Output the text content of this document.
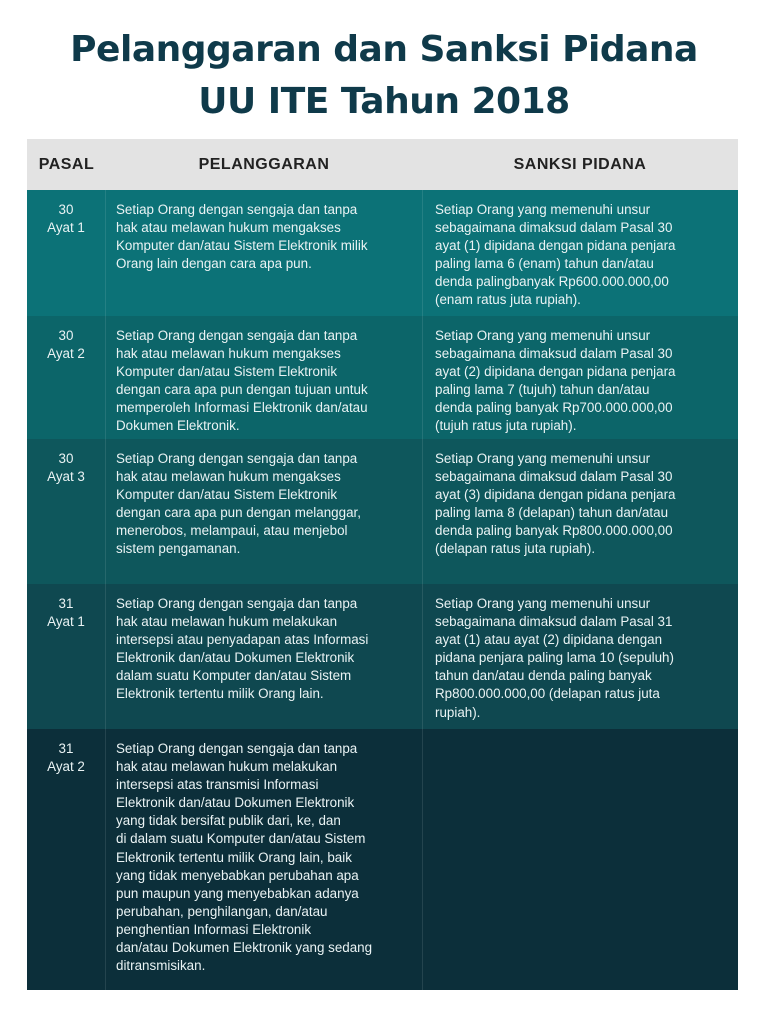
Pelanggaran dan Sanksi Pidana
UU ITE Tahun 2018
PASAL	PELANGGARAN	SANKSI PIDANA
30
Ayat 1
Setiap Orang dengan sengaja dan tanpa
hak atau melawan hukum mengakses
Komputer dan/atau Sistem Elektronik milik
Orang lain dengan cara apa pun.
Setiap Orang yang memenuhi unsur
sebagaimana dimaksud dalam Pasal 30
ayat (1) dipidana dengan pidana penjara
paling lama 6 (enam) tahun dan/atau
denda palingbanyak Rp600.000.000,00
(enam ratus juta rupiah).
30
Ayat 2
Setiap Orang dengan sengaja dan tanpa
hak atau melawan hukum mengakses
Komputer dan/atau Sistem Elektronik
dengan cara apa pun dengan tujuan untuk
memperoleh Informasi Elektronik dan/atau
Dokumen Elektronik.
Setiap Orang yang memenuhi unsur
sebagaimana dimaksud dalam Pasal 30
ayat (2) dipidana dengan pidana penjara
paling lama 7 (tujuh) tahun dan/atau
denda paling banyak Rp700.000.000,00
(tujuh ratus juta rupiah).
30
Ayat 3
Setiap Orang dengan sengaja dan tanpa
hak atau melawan hukum mengakses
Komputer dan/atau Sistem Elektronik
dengan cara apa pun dengan melanggar,
menerobos, melampaui, atau menjebol
sistem pengamanan.
Setiap Orang yang memenuhi unsur
sebagaimana dimaksud dalam Pasal 30
ayat (3) dipidana dengan pidana penjara
paling lama 8 (delapan) tahun dan/atau
denda paling banyak Rp800.000.000,00
(delapan ratus juta rupiah).
31
Ayat 1
Setiap Orang dengan sengaja dan tanpa
hak atau melawan hukum melakukan
intersepsi atau penyadapan atas Informasi
Elektronik dan/atau Dokumen Elektronik
dalam suatu Komputer dan/atau Sistem
Elektronik tertentu milik Orang lain.
Setiap Orang yang memenuhi unsur
sebagaimana dimaksud dalam Pasal 31
ayat (1) atau ayat (2) dipidana dengan
pidana penjara paling lama 10 (sepuluh)
tahun dan/atau denda paling banyak
Rp800.000.000,00 (delapan ratus juta
rupiah).
31
Ayat 2
Setiap Orang dengan sengaja dan tanpa
hak atau melawan hukum melakukan
intersepsi atas transmisi Informasi
Elektronik dan/atau Dokumen Elektronik
yang tidak bersifat publik dari, ke, dan
di dalam suatu Komputer dan/atau Sistem
Elektronik tertentu milik Orang lain, baik
yang tidak menyebabkan perubahan apa
pun maupun yang menyebabkan adanya
perubahan, penghilangan, dan/atau
penghentian Informasi Elektronik
dan/atau Dokumen Elektronik yang sedang
ditransmisikan.
